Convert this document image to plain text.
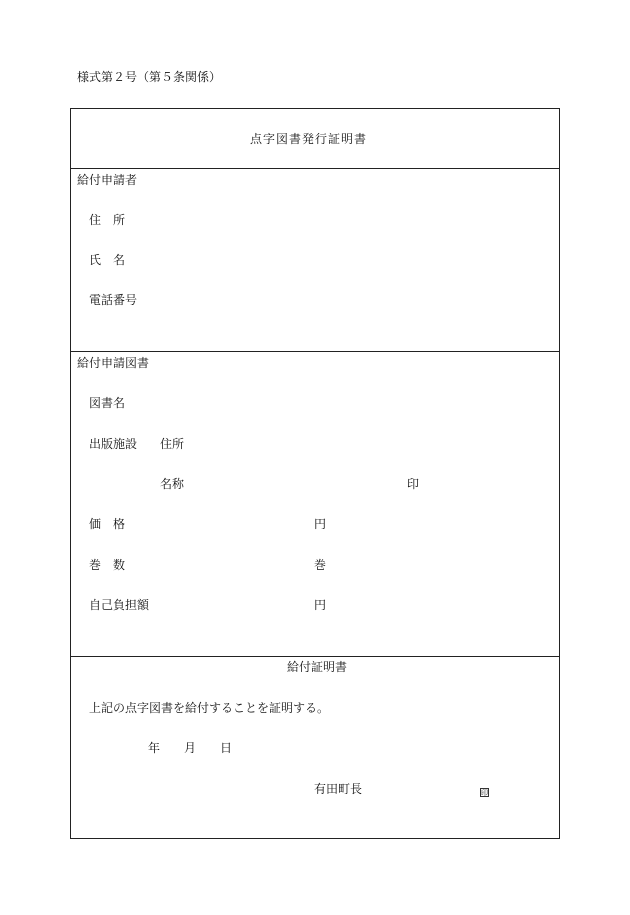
様式第２号（第５条関係）
点字図書発行証明書
給付申請者
住　所
氏　名
電話番号
給付申請図書
図書名
出版施設 住所
名称	印
価　格	円
巻　数	巻
自己負担額	円
給付証明書
上記の点字図書を給付することを証明する。
年 月 日
有田町長	印
